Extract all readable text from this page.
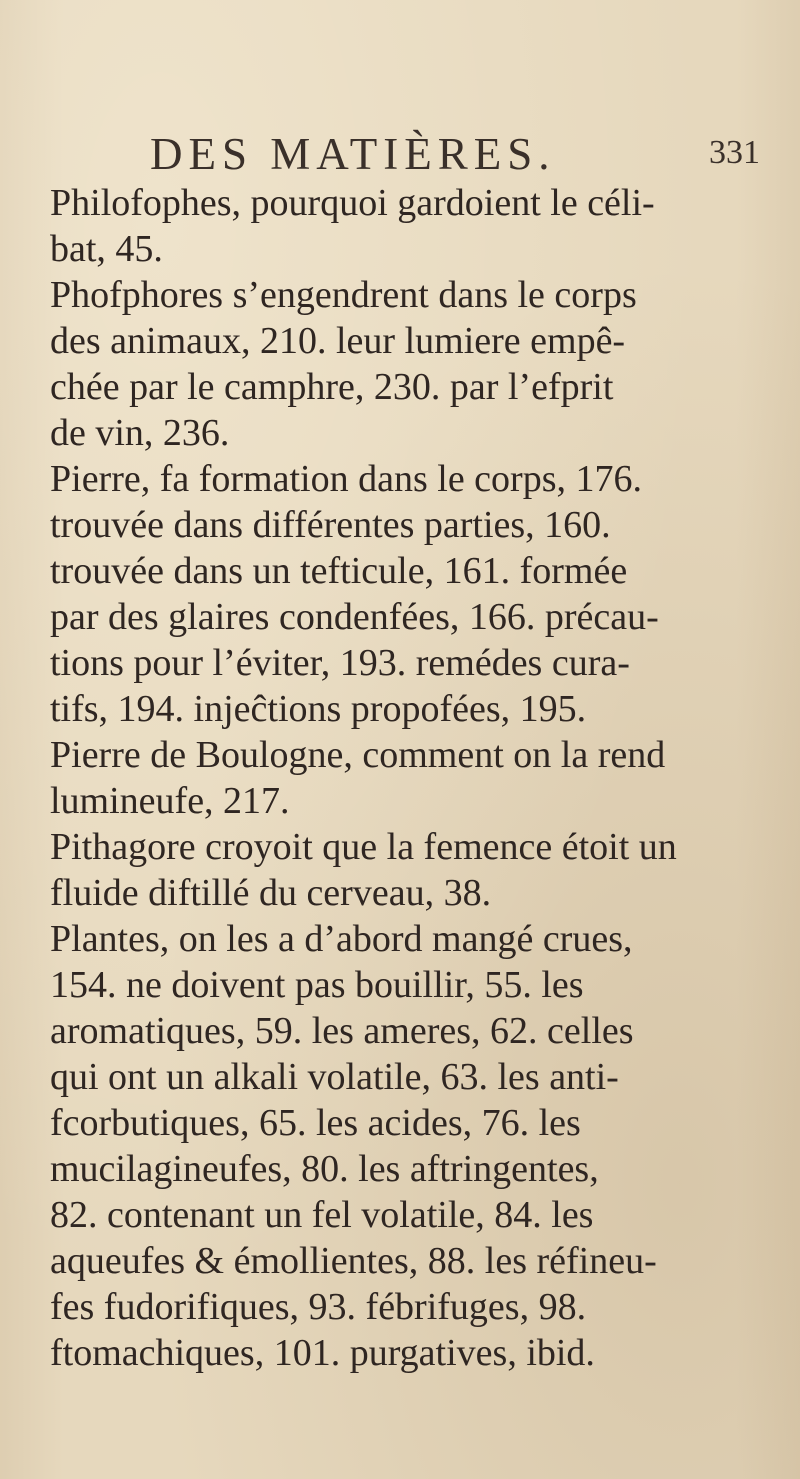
DES MATIÈRES.	331

Philofophes, pourquoi gardoient le céli-
bat, 45.

Phofphores s’engendrent dans le corps
des animaux, 210. leur lumiere empê-
chée par le camphre, 230. par l’efprit
de vin, 236.

Pierre, fa formation dans le corps, 176.
trouvée dans différentes parties, 160.
trouvée dans un tefticule, 161. formée
par des glaires condenfées, 166. précau-
tions pour l’éviter, 193. remédes cura-
tifs, 194. injeĉtions propofées, 195.

Pierre de Boulogne, comment on la rend
lumineufe, 217.

Pithagore croyoit que la femence étoit un
fluide diftillé du cerveau, 38.

Plantes, on les a d’abord mangé crues,
154. ne doivent pas bouillir, 55. les
aromatiques, 59. les ameres, 62. celles
qui ont un alkali volatile, 63. les anti-
fcorbutiques, 65. les acides, 76. les
mucilagineufes, 80. les aftringentes,
82. contenant un fel volatile, 84. les
aqueufes & émollientes, 88. les réfineu-
fes fudorifiques, 93. fébrifuges, 98.
ftomachiques, 101. purgatives, ibid.
